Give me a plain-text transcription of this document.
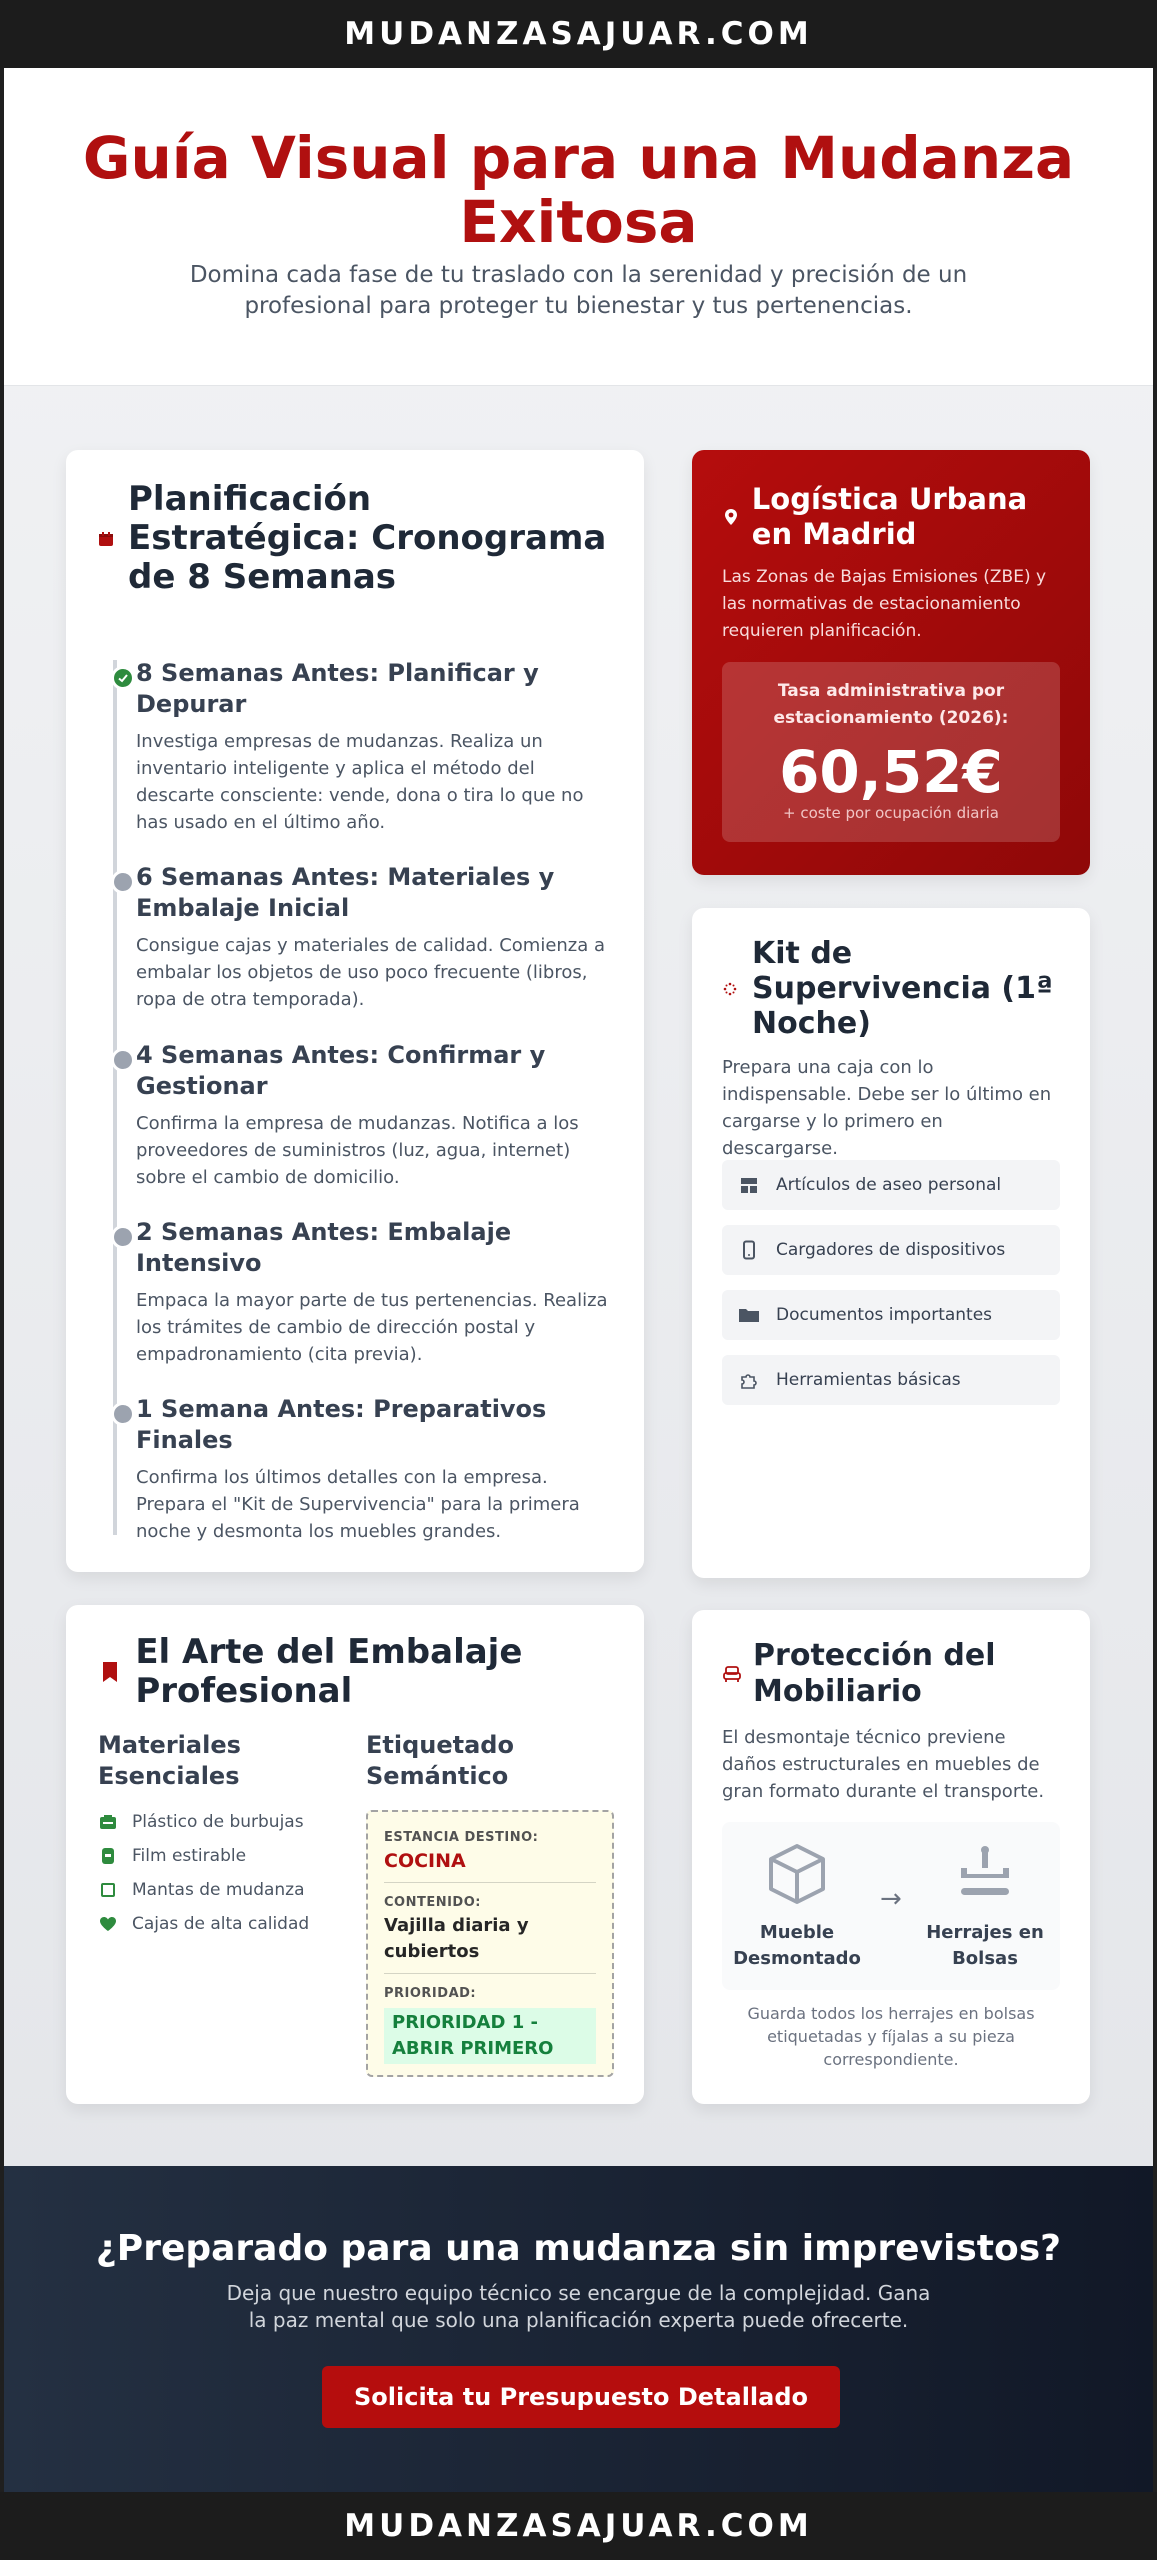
MUDANZASAJUAR.COM
Guía Visual para una Mudanza Exitosa

Domina cada fase de tu traslado con la serenidad y precisión de un profesional para proteger tu bienestar y tus pertenencias.

Planificación Estratégica: Cronograma de 8 Semanas
8 Semanas Antes: Planificar y Depurar

Investiga empresas de mudanzas. Realiza un inventario inteligente y aplica el método del descarte consciente: vende, dona o tira lo que no has usado en el último año.

6 Semanas Antes: Materiales y Embalaje Inicial

Consigue cajas y materiales de calidad. Comienza a embalar los objetos de uso poco frecuente (libros, ropa de otra temporada).

4 Semanas Antes: Confirmar y Gestionar

Confirma la empresa de mudanzas. Notifica a los proveedores de suministros (luz, agua, internet) sobre el cambio de domicilio.

2 Semanas Antes: Embalaje Intensivo

Empaca la mayor parte de tus pertenencias. Realiza los trámites de cambio de dirección postal y empadronamiento (cita previa).

1 Semana Antes: Preparativos Finales

Confirma los últimos detalles con la empresa. Prepara el "Kit de Supervivencia" para la primera noche y desmonta los muebles grandes.

Logística Urbana en Madrid

Las Zonas de Bajas Emisiones (ZBE) y las normativas de estacionamiento requieren planificación.

Tasa administrativa por estacionamiento (2026):
60,52€
+ coste por ocupación diaria
Kit de Supervivencia (1ª Noche)

Prepara una caja con lo indispensable. Debe ser lo último en cargarse y lo primero en descargarse.

Artículos de aseo personal
Cargadores de dispositivos
Documentos importantes
Herramientas básicas
El Arte del Embalaje Profesional
Materiales Esenciales
Etiquetado Semántico
Plástico de burbujas
Film estirable
Mantas de mudanza
Cajas de alta calidad
ESTANCIA DESTINO:
COCINA
CONTENIDO:
Vajilla diaria y cubiertos
PRIORIDAD:
PRIORIDAD 1 - ABRIR PRIMERO
Protección del Mobiliario

El desmontaje técnico previene daños estructurales en muebles de gran formato durante el transporte.

Mueble Desmontado
→
Herrajes en Bolsas

Guarda todos los herrajes en bolsas etiquetadas y fíjalas a su pieza correspondiente.

¿Preparado para una mudanza sin imprevistos?

Deja que nuestro equipo técnico se encargue de la complejidad. Gana la paz mental que solo una planificación experta puede ofrecerte.

Solicita tu Presupuesto Detallado
MUDANZASAJUAR.COM
